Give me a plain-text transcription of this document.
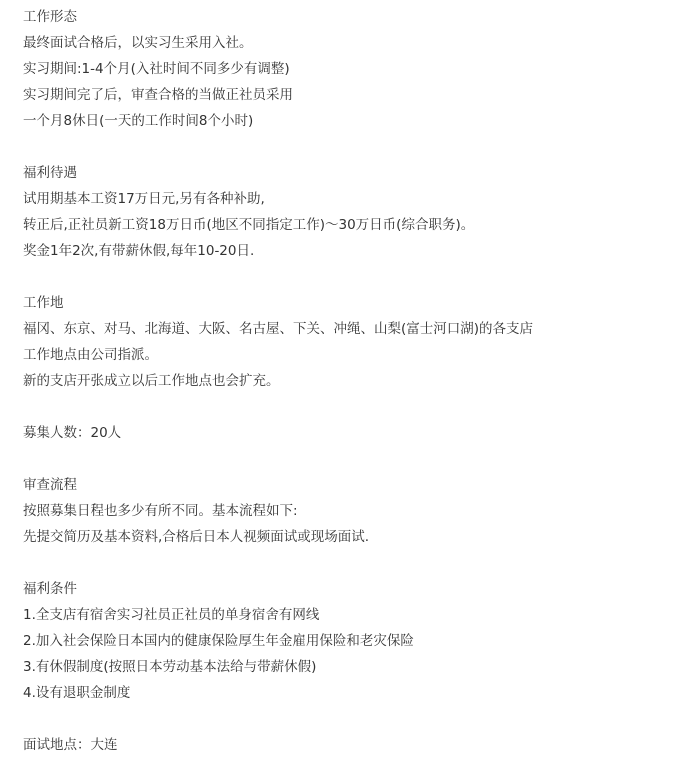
工作形态
最终面试合格后，以实习生采用入社。
实习期间:1-4个月(入社时间不同多少有调整)
实习期间完了后，审查合格的当做正社员采用
一个月8休日(一天的工作时间8个小时)
福利待遇
试用期基本工资17万日元,另有各种补助,
转正后,正社员新工资18万日币(地区不同指定工作)～30万日币(综合职务)。
奖金1年2次,有带薪休假,每年10-20日.
工作地
福冈、东京、对马、北海道、大阪、名古屋、下关、冲绳、山梨(富士河口湖)的各支店
工作地点由公司指派。
新的支店开张成立以后工作地点也会扩充。
募集人数：20人
审查流程
按照募集日程也多少有所不同。基本流程如下:
先提交简历及基本资料,合格后日本人视频面试或现场面试.
福利条件
1.全支店有宿舍实习社员正社员的单身宿舍有网线
2.加入社会保险日本国内的健康保险厚生年金雇用保险和老灾保险
3.有休假制度(按照日本劳动基本法给与带薪休假)
4.设有退职金制度
面试地点：大连
